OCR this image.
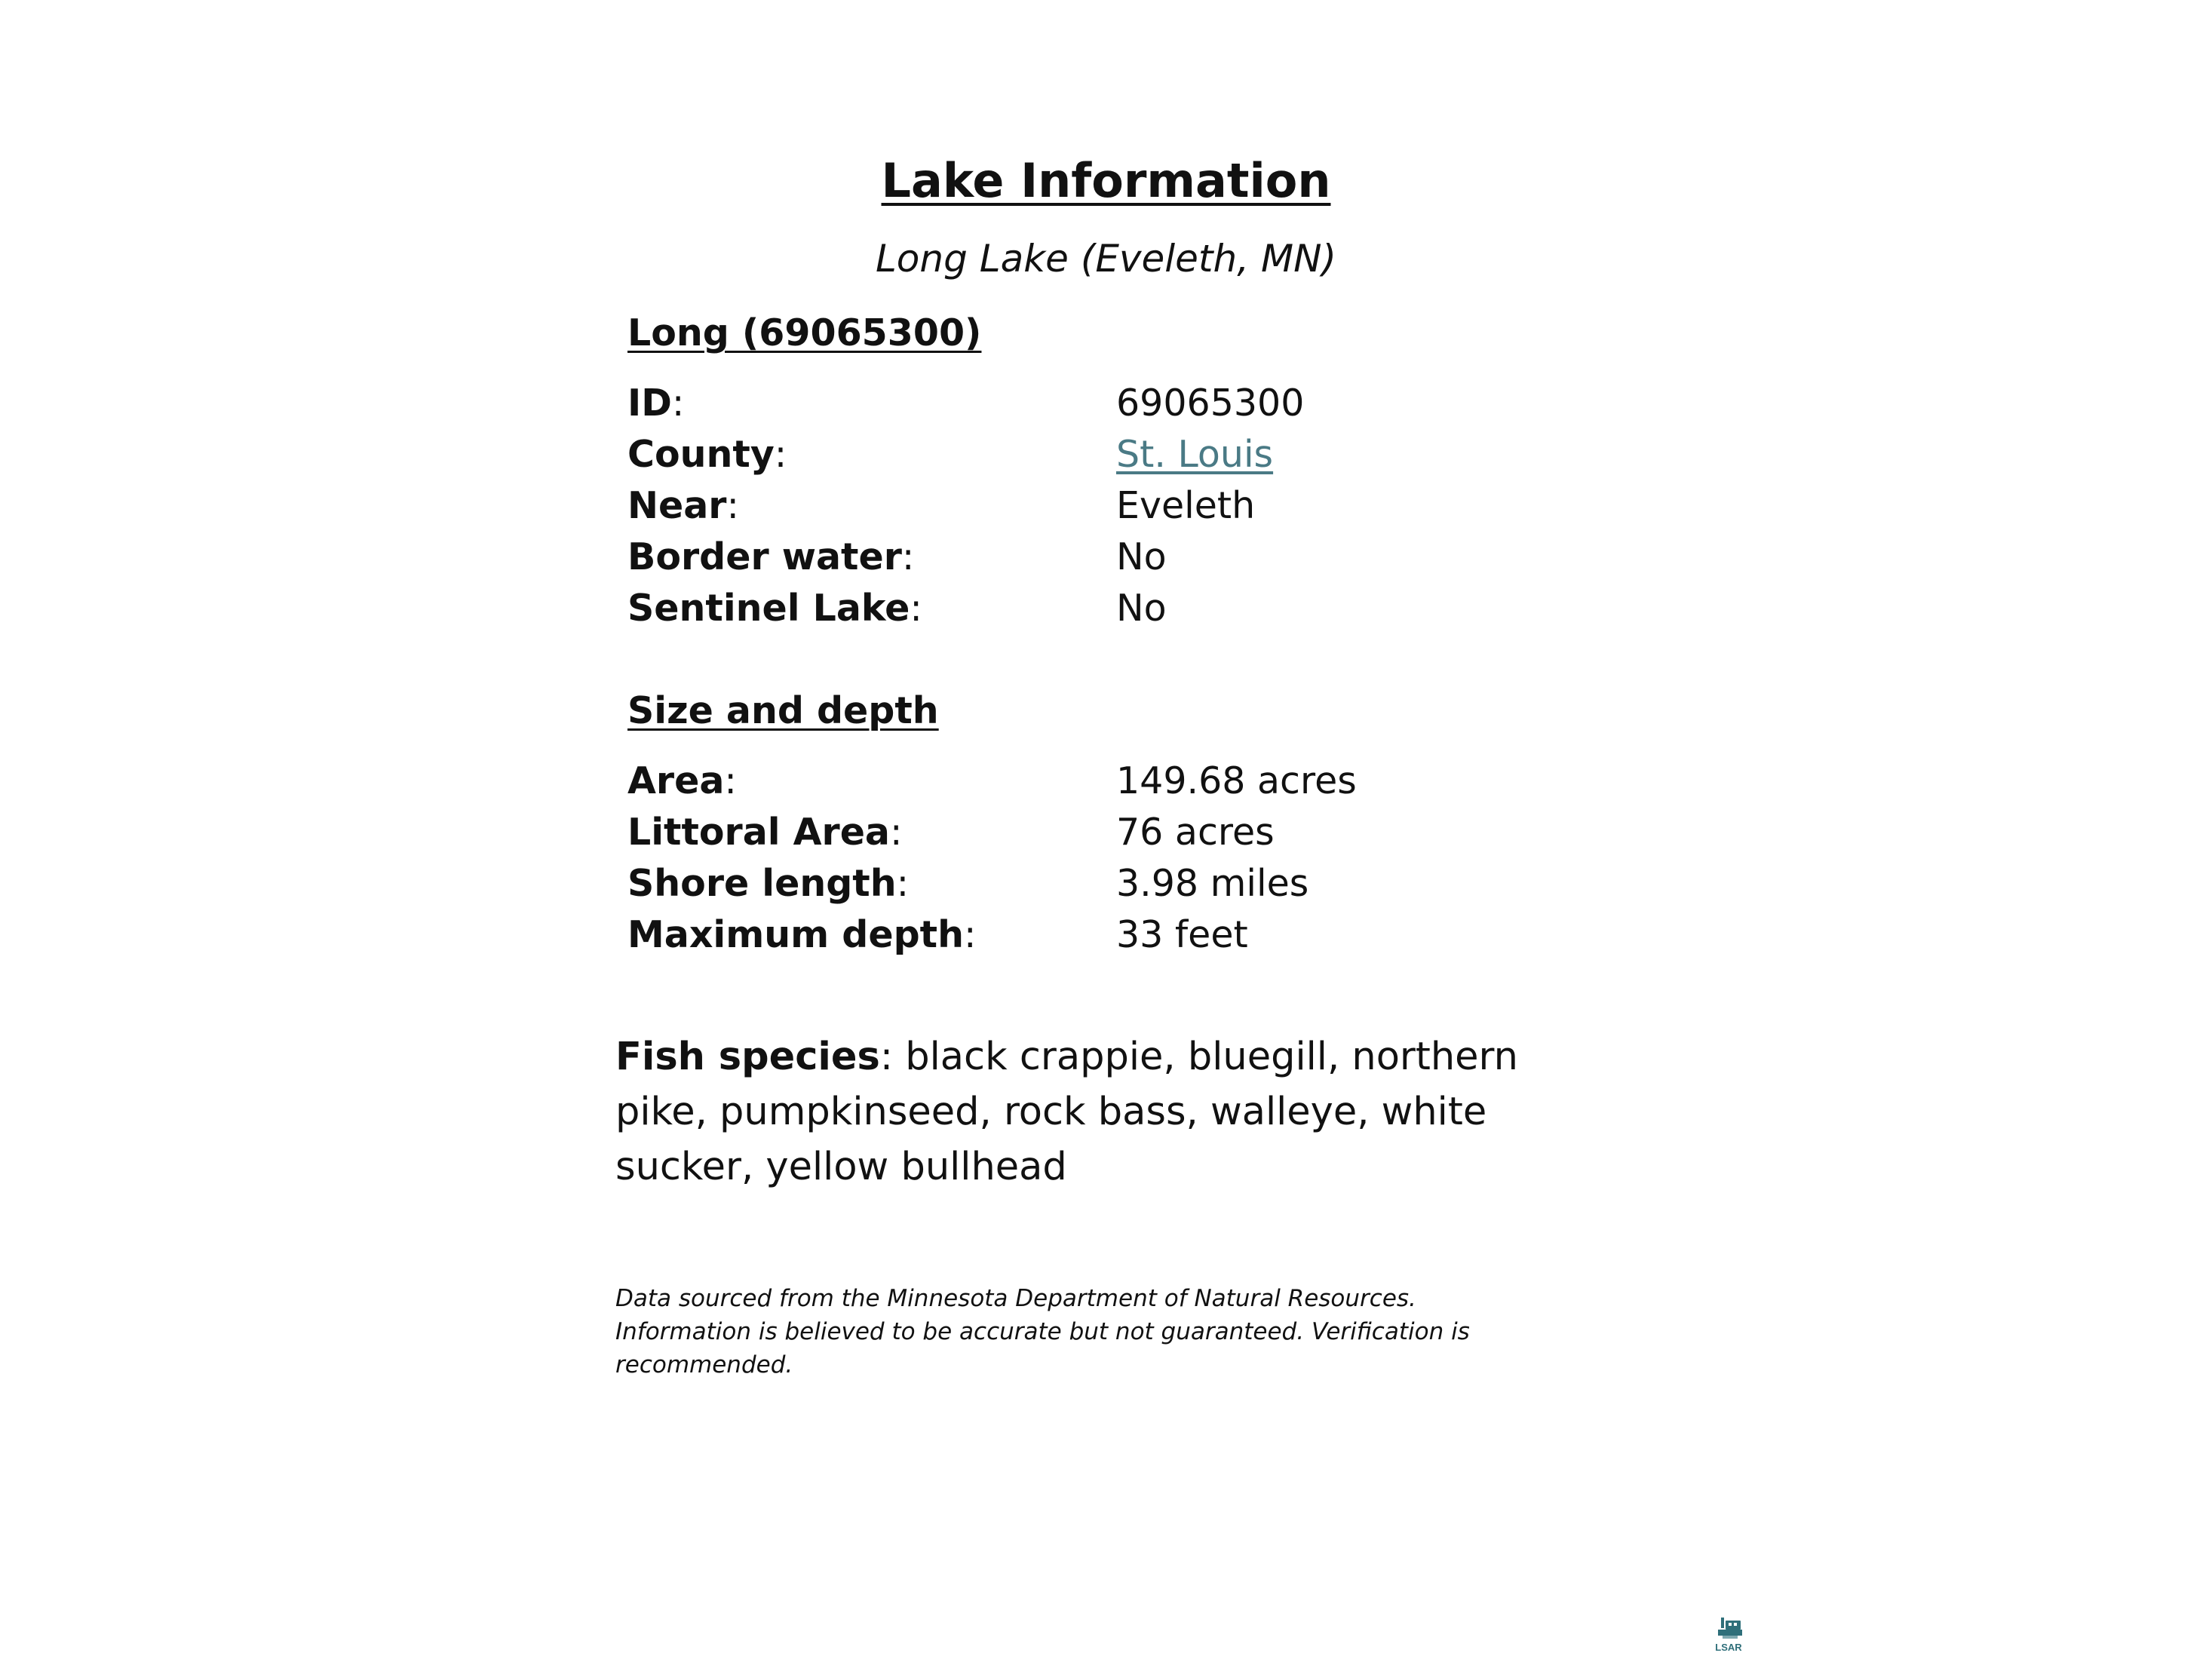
Lake Information
Long Lake (Eveleth, MN)
Long (69065300)
ID:	69065300
County:	St. Louis
Near:	Eveleth
Border water:	No
Sentinel Lake:	No
Size and depth
Area:	149.68 acres
Littoral Area:	76 acres
Shore length:	3.98 miles
Maximum depth:	33 feet
Fish species: black crappie, bluegill, northern pike, pumpkinseed, rock bass, walleye, white sucker, yellow bullhead
Data sourced from the Minnesota Department of Natural Resources. Information is believed to be accurate but not guaranteed. Verification is recommended.
LSAR
